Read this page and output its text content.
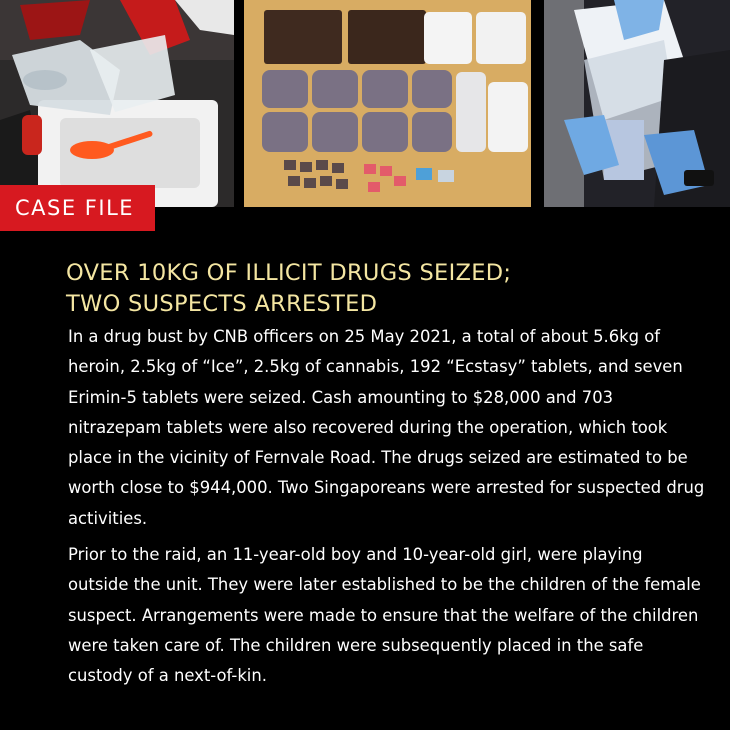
CASE FILE
OVER 10KG OF ILLICIT DRUGS SEIZED;
TWO SUSPECTS ARRESTED

In a drug bust by CNB officers on 25 May 2021, a total of about 5.6kg of heroin, 2.5kg of “Ice”, 2.5kg of cannabis, 192 “Ecstasy” tablets, and seven Erimin-5 tablets were seized. Cash amounting to $28,000 and 703 nitrazepam tablets were also recovered during the operation, which took place in the vicinity of Fernvale Road. The drugs seized are estimated to be worth close to $944,000. Two Singaporeans were arrested for suspected drug activities.

Prior to the raid, an 11-year-old boy and 10-year-old girl, were playing outside the unit. They were later established to be the children of the female suspect. Arrangements were made to ensure that the welfare of the children were taken care of. The children were subsequently placed in the safe custody of a next-of-kin.
